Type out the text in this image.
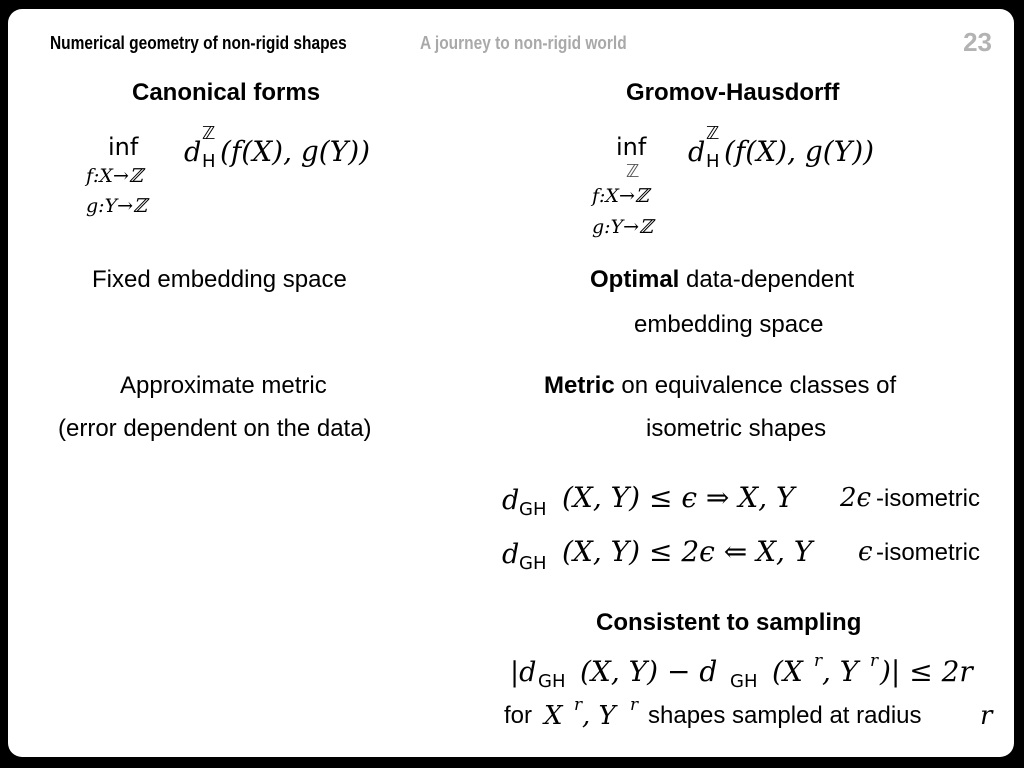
Numerical geometry of non-rigid shapes	A journey to non-rigid world	23
Canonical forms
inf
f:X→ℤ
g:Y→ℤ
d
ℤ
H (f(X), g(Y))
Fixed embedding space
Approximate metric
(error dependent on the data)
Gromov-Hausdorff
inf
ℤ
f:X→ℤ
g:Y→ℤ
d
ℤ
H (f(X), g(Y))
Optimal data-dependent
embedding space
Metric on equivalence classes of
isometric shapes
d GH (X, Y) ≤ ϵ ⇒ X, Y 2ϵ -isometric
d GH (X, Y) ≤ 2ϵ ⇐ X, Y ϵ -isometric
Consistent to sampling
|d GH (X, Y) − d GH (X r , Y r )| ≤ 2r
for X r , Y r shapes sampled at radius r
